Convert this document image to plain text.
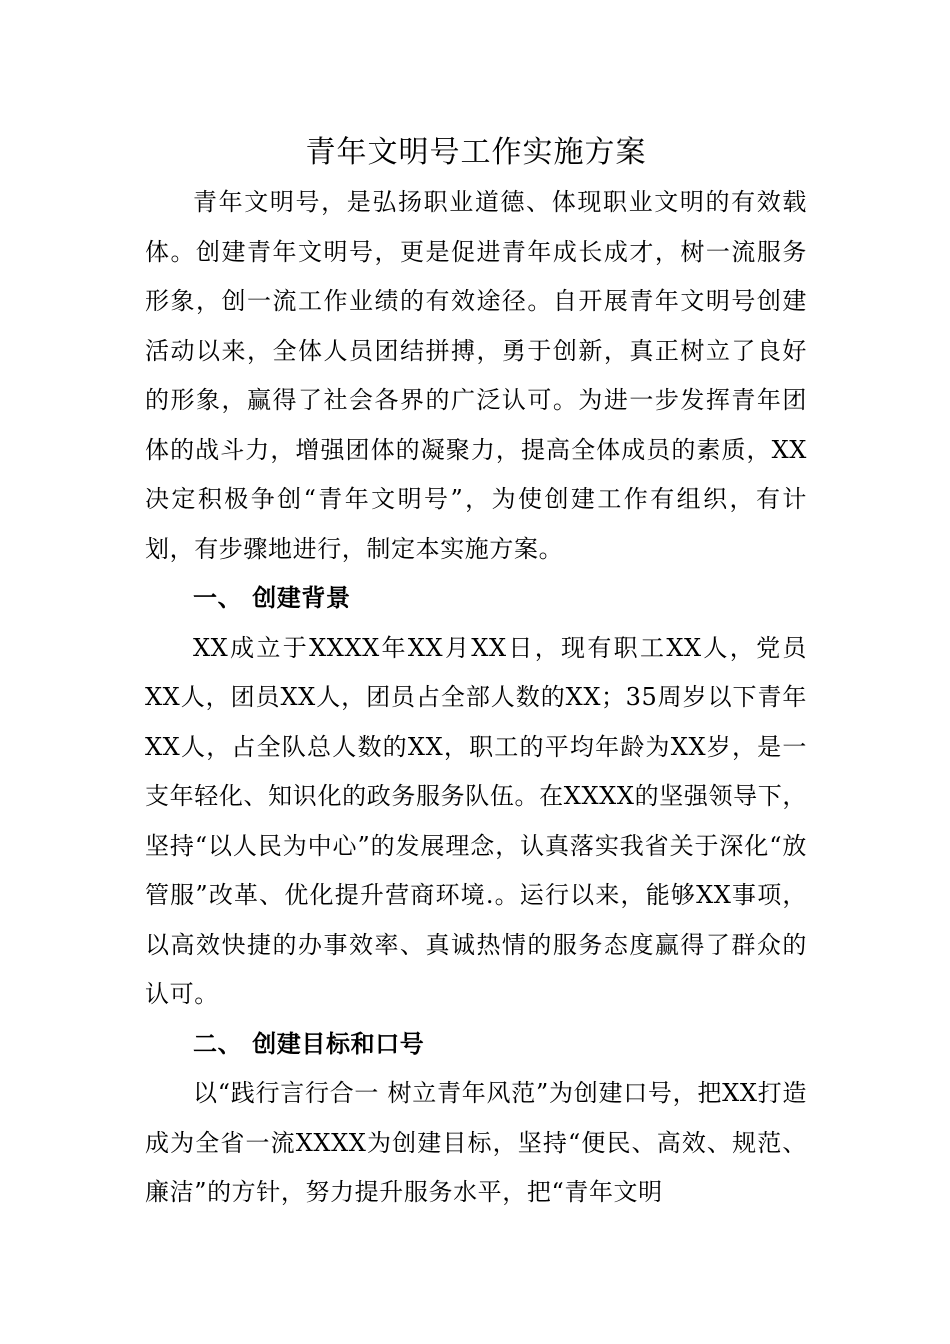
青年文明号工作实施方案

青年文明号，是弘扬职业道德、体现职业文明的有效载体。创建青年文明号，更是促进青年成长成才，树一流服务形象，创一流工作业绩的有效途径。自开展青年文明号创建活动以来，全体人员团结拼搏，勇于创新，真正树立了良好的形象，赢得了社会各界的广泛认可。为进一步发挥青年团体的战斗力，增强团体的凝聚力，提高全体成员的素质，XX决定积极争创“青年文明号”，为使创建工作有组织，有计划，有步骤地进行，制定本实施方案。

一、 创建背景

XX成立于XXXX年XX月XX日，现有职工XX人，党员XX人，团员XX人，团员占全部人数的XX；35周岁以下青年XX人，占全队总人数的XX，职工的平均年龄为XX岁，是一支年轻化、知识化的政务服务队伍。在XXXX的坚强领导下，坚持“以人民为中心”的发展理念，认真落实我省关于深化“放管服”改革、优化提升营商环境.。运行以来，能够XX事项，以高效快捷的办事效率、真诚热情的服务态度赢得了群众的认可。

二、 创建目标和口号

以“践行言行合一 树立青年风范”为创建口号，把XX打造成为全省一流XXXX为创建目标，坚持“便民、高效、规范、廉洁”的方针，努力提升服务水平，把“青年文明
